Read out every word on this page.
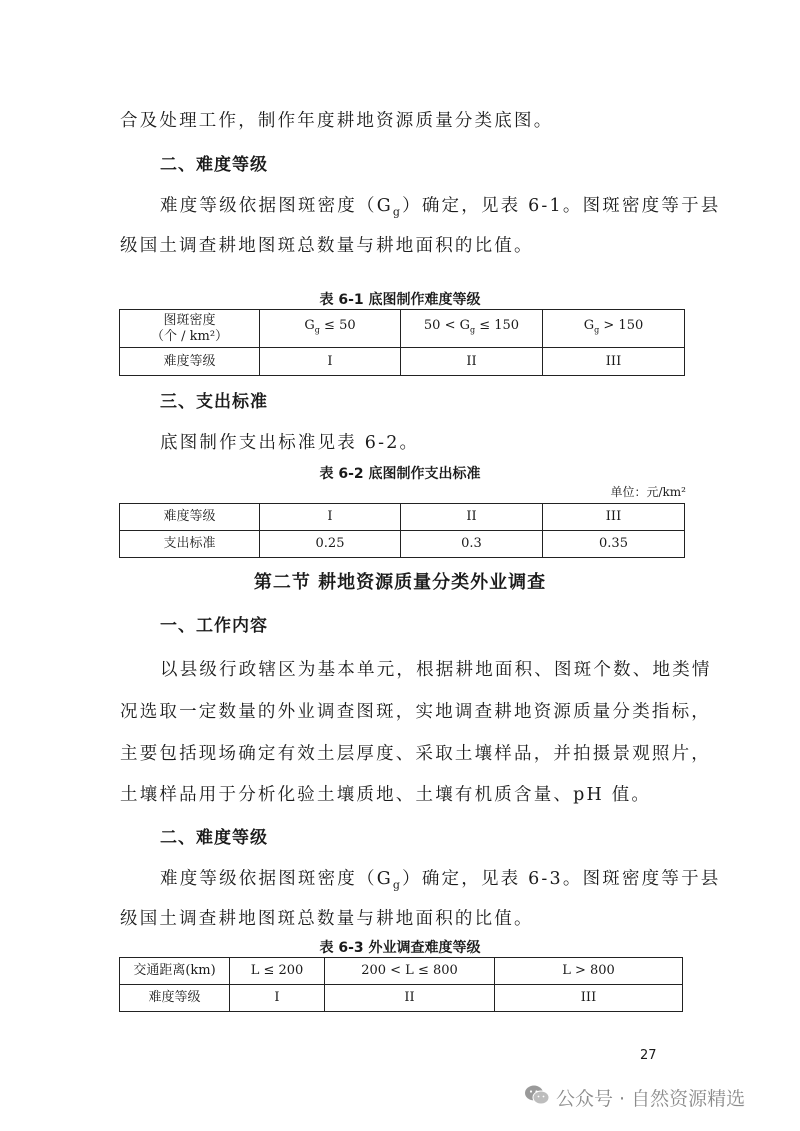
合及处理工作，制作年度耕地资源质量分类底图。
二、难度等级
难度等级依据图斑密度$(G_g)$确定，见表 6-1。图斑密度等于县
级国土调查耕地图斑总数量与耕地面积的比值。
表 6-1 底图制作难度等级
图斑密度
（个 / km²）	$G_g \le 50$	$50 < G_g \le 150$	$G_g > 150$
难度等级	I	II	III
三、支出标准
底图制作支出标准见表 6-2。
表 6-2 底图制作支出标准
单位：元/km²
难度等级	I	II	III
支出标准	0.25	0.3	0.35
第二节 耕地资源质量分类外业调查
一、工作内容
以县级行政辖区为基本单元，根据耕地面积、图斑个数、地类情
况选取一定数量的外业调查图斑，实地调查耕地资源质量分类指标，
主要包括现场确定有效土层厚度、采取土壤样品，并拍摄景观照片，
土壤样品用于分析化验土壤质地、土壤有机质含量、pH 值。
二、难度等级
难度等级依据图斑密度$(G_g)$确定，见表 6-3。图斑密度等于县
级国土调查耕地图斑总数量与耕地面积的比值。
表 6-3 外业调查难度等级
交通距离(km)	L ≤ 200	200 < L ≤ 800	L > 800
难度等级	I	II	III
27
公众号 · 自然资源精选
